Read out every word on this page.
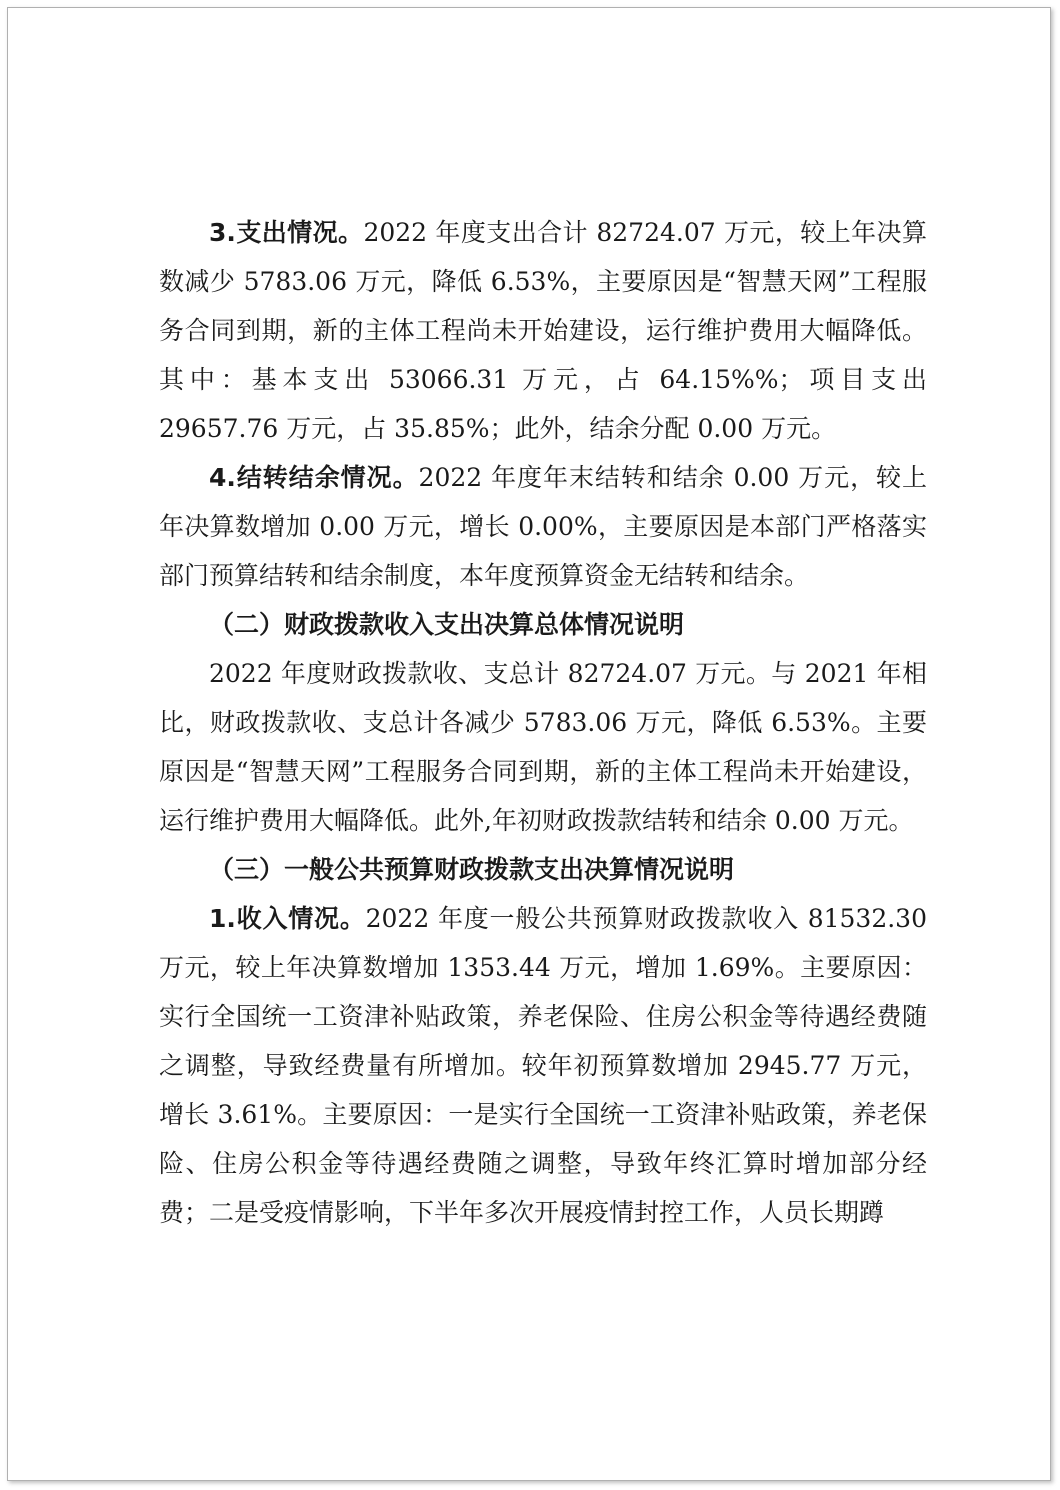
3.支出情况。2022 年度支出合计 82724.07 万元，较上年决算数减少 5783.06 万元，降低 6.53%，主要原因是“智慧天网”工程服务合同到期，新的主体工程尚未开始建设，运行维护费用大幅降低。其中：基本支出 53066.31 万元，占 64.15%%；项目支出 29657.76 万元，占 35.85%；此外，结余分配 0.00 万元。

4.结转结余情况。2022 年度年末结转和结余 0.00 万元，较上年决算数增加 0.00 万元，增长 0.00%，主要原因是本部门严格落实部门预算结转和结余制度，本年度预算资金无结转和结余。

（二）财政拨款收入支出决算总体情况说明

2022 年度财政拨款收、支总计 82724.07 万元。与 2021 年相比，财政拨款收、支总计各减少 5783.06 万元，降低 6.53%。主要原因是“智慧天网”工程服务合同到期，新的主体工程尚未开始建设，运行维护费用大幅降低。此外,年初财政拨款结转和结余 0.00 万元。

（三）一般公共预算财政拨款支出决算情况说明

1.收入情况。2022 年度一般公共预算财政拨款收入 81532.30 万元，较上年决算数增加 1353.44 万元，增加 1.69%。主要原因：实行全国统一工资津补贴政策，养老保险、住房公积金等待遇经费随之调整，导致经费量有所增加。较年初预算数增加 2945.77 万元，增长 3.61%。主要原因：一是实行全国统一工资津补贴政策，养老保险、住房公积金等待遇经费随之调整，导致年终汇算时增加部分经费；二是受疫情影响，下半年多次开展疫情封控工作，人员长期蹲
